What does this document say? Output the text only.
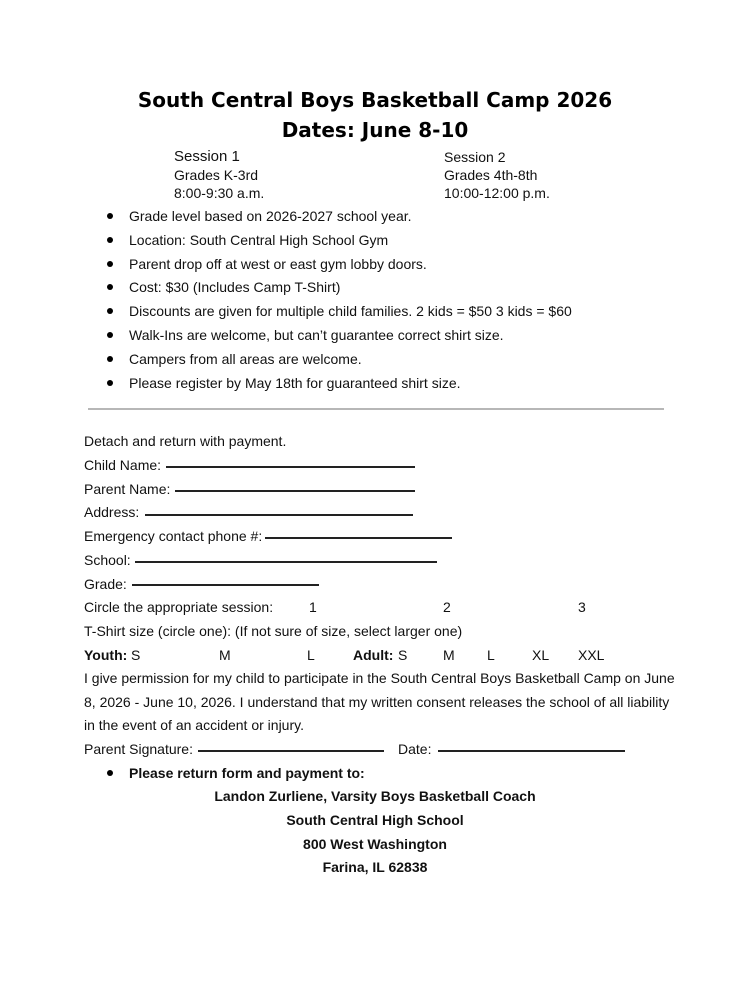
South Central Boys Basketball Camp 2026
Dates: June 8-10
Session 1
Grades K-3rd
8:00-9:30 a.m.
Session 2
Grades 4th-8th
10:00-12:00 p.m.
Grade level based on 2026-2027 school year.
Location: South Central High School Gym
Parent drop off at west or east gym lobby doors.
Cost: $30 (Includes Camp T-Shirt)
Discounts are given for multiple child families. 2 kids = $50 3 kids = $60
Walk-Ins are welcome, but can’t guarantee correct shirt size.
Campers from all areas are welcome.
Please register by May 18th for guaranteed shirt size.
Detach and return with payment.
Child Name:
Parent Name:
Address:
Emergency contact phone #:
School:
Grade:
Circle the appropriate session:	1	2	3
T-Shirt size (circle one): (If not sure of size, select larger one)
Youth: S	M	L	Adult: S	M L	XL XXL
I give permission for my child to participate in the South Central Boys Basketball Camp on June
8, 2026 - June 10, 2026. I understand that my written consent releases the school of all liability
in the event of an accident or injury.
Parent Signature:	Date:
Please return form and payment to:
Landon Zurliene, Varsity Boys Basketball Coach
South Central High School
800 West Washington
Farina, IL 62838
